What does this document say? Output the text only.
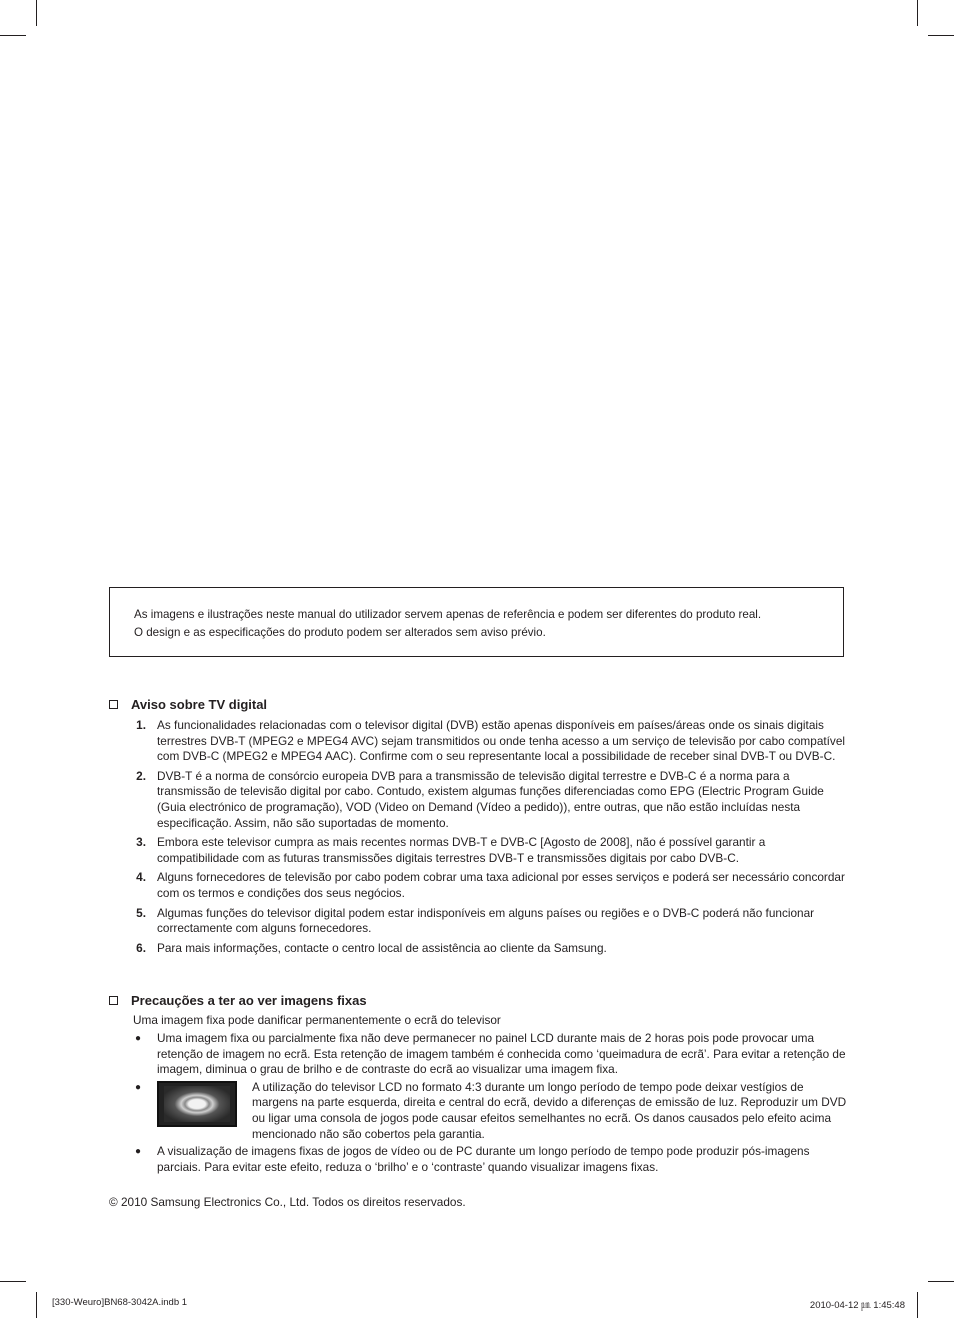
As imagens e ilustrações neste manual do utilizador servem apenas de referência e podem ser diferentes do produto real.

O design e as especificações do produto podem ser alterados sem aviso prévio.

Aviso sobre TV digital
1. As funcionalidades relacionadas com o televisor digital (DVB) estão apenas disponíveis em países/áreas onde os sinais digitais terrestres DVB-T (MPEG2 e MPEG4 AVC) sejam transmitidos ou onde tenha acesso a um serviço de televisão por cabo compatível com DVB-C (MPEG2 e MPEG4 AAC). Confirme com o seu representante local a possibilidade de receber sinal DVB-T ou DVB-C.
2. DVB-T é a norma de consórcio europeia DVB para a transmissão de televisão digital terrestre e DVB-C é a norma para a transmissão de televisão digital por cabo. Contudo, existem algumas funções diferenciadas como EPG (Electric Program Guide (Guia electrónico de programação), VOD (Video on Demand (Vídeo a pedido)), entre outras, que não estão incluídas nesta especificação. Assim, não são suportadas de momento.
3. Embora este televisor cumpra as mais recentes normas DVB-T e DVB-C [Agosto de 2008], não é possível garantir a compatibilidade com as futuras transmissões digitais terrestres DVB-T e transmissões digitais por cabo DVB-C.
4. Alguns fornecedores de televisão por cabo podem cobrar uma taxa adicional por esses serviços e poderá ser necessário concordar com os termos e condições dos seus negócios.
5. Algumas funções do televisor digital podem estar indisponíveis em alguns países ou regiões e o DVB-C poderá não funcionar correctamente com alguns fornecedores.
6. Para mais informações, contacte o centro local de assistência ao cliente da Samsung.
Precauções a ter ao ver imagens fixas
Uma imagem fixa pode danificar permanentemente o ecrã do televisor
●	Uma imagem fixa ou parcialmente fixa não deve permanecer no painel LCD durante mais de 2 horas pois pode provocar uma retenção de imagem no ecrã. Esta retenção de imagem também é conhecida como ‘queimadura de ecrã’. Para evitar a retenção de imagem, diminua o grau de brilho e de contraste do ecrã ao visualizar uma imagem fixa.
●	A utilização do televisor LCD no formato 4:3 durante um longo período de tempo pode deixar vestígios de margens na parte esquerda, direita e central do ecrã, devido a diferenças de emissão de luz. Reproduzir um DVD ou ligar uma consola de jogos pode causar efeitos semelhantes no ecrã. Os danos causados pelo efeito acima mencionado não são cobertos pela garantia.
●	A visualização de imagens fixas de jogos de vídeo ou de PC durante um longo período de tempo pode produzir pós-imagens parciais. Para evitar este efeito, reduza o ‘brilho’ e o ‘contraste’ quando visualizar imagens fixas.
© 2010 Samsung Electronics Co., Ltd. Todos os direitos reservados.
[330-Weuro]BN68-3042A.indb 1	2010-04-12 ㏘ 1:45:48
